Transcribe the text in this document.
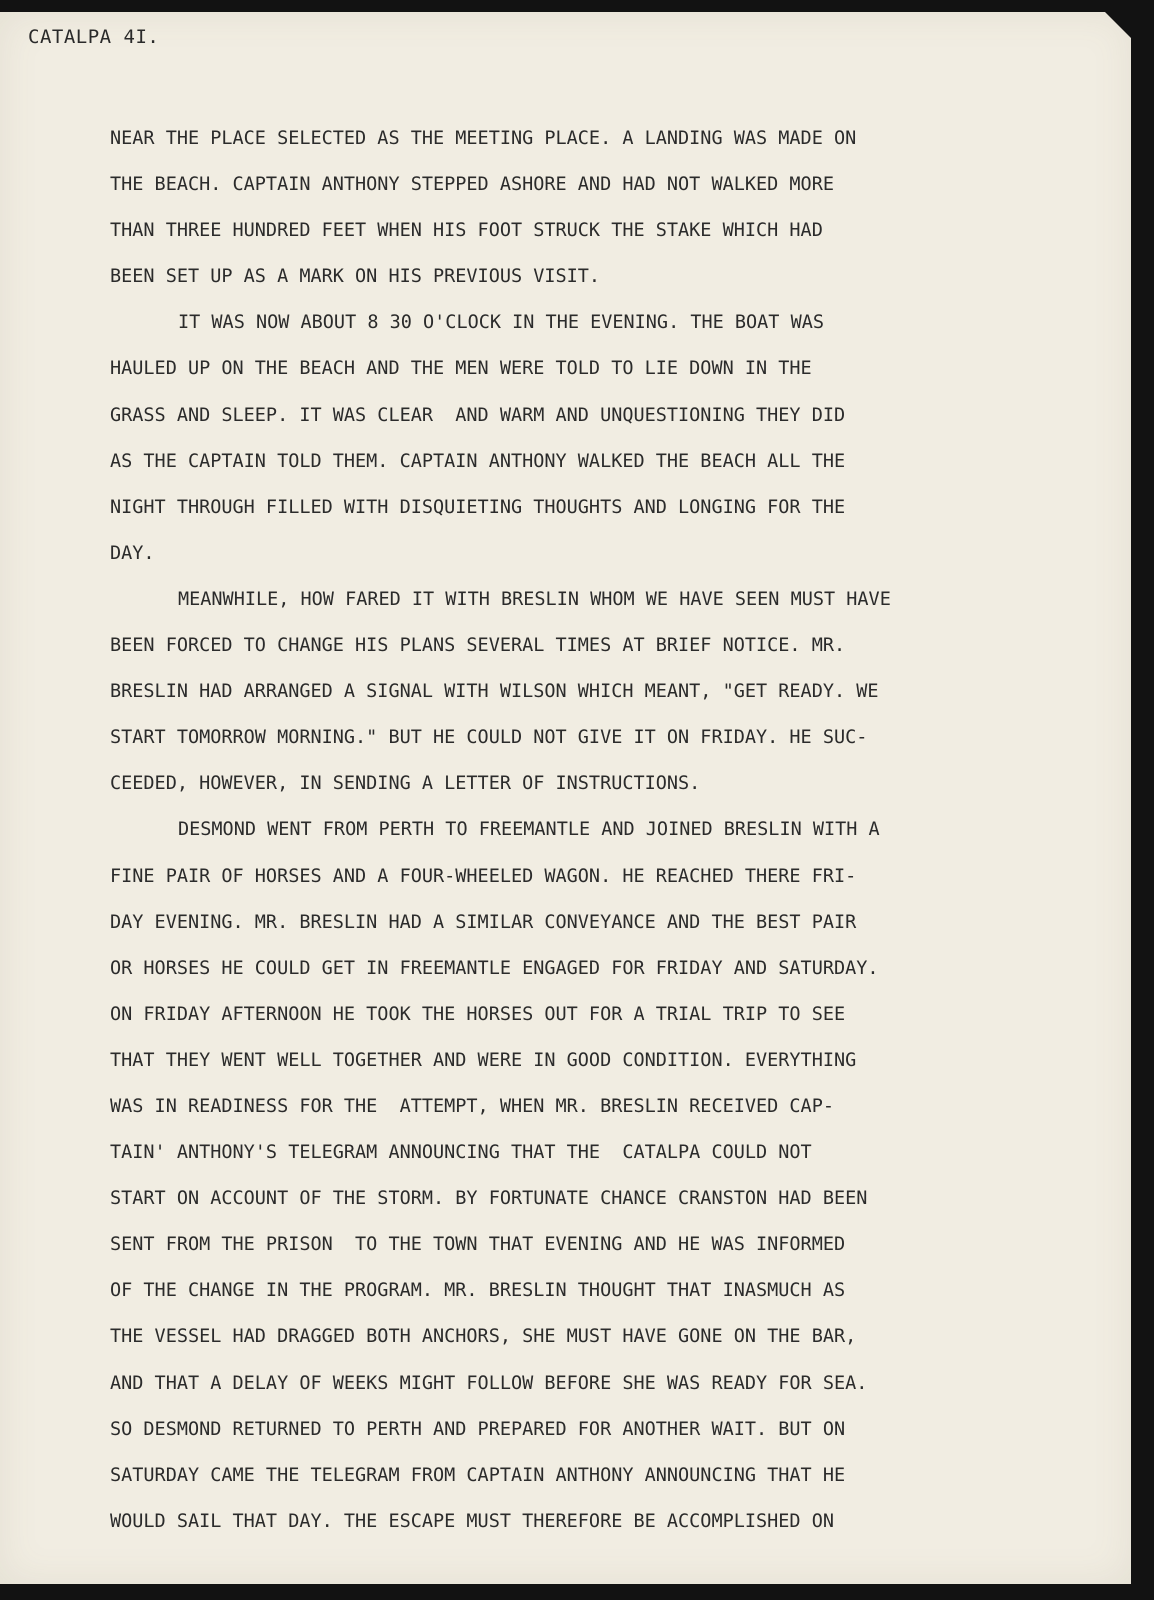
CATALPA 4I.
NEAR THE PLACE SELECTED AS THE MEETING PLACE. A LANDING WAS MADE ON
THE BEACH. CAPTAIN ANTHONY STEPPED ASHORE AND HAD NOT WALKED MORE
THAN THREE HUNDRED FEET WHEN HIS FOOT STRUCK THE STAKE WHICH HAD
BEEN SET UP AS A MARK ON HIS PREVIOUS VISIT.
IT WAS NOW ABOUT 8 30 O'CLOCK IN THE EVENING. THE BOAT WAS
HAULED UP ON THE BEACH AND THE MEN WERE TOLD TO LIE DOWN IN THE
GRASS AND SLEEP. IT WAS CLEAR  AND WARM AND UNQUESTIONING THEY DID
AS THE CAPTAIN TOLD THEM. CAPTAIN ANTHONY WALKED THE BEACH ALL THE
NIGHT THROUGH FILLED WITH DISQUIETING THOUGHTS AND LONGING FOR THE
DAY.
MEANWHILE, HOW FARED IT WITH BRESLIN WHOM WE HAVE SEEN MUST HAVE
BEEN FORCED TO CHANGE HIS PLANS SEVERAL TIMES AT BRIEF NOTICE. MR.
BRESLIN HAD ARRANGED A SIGNAL WITH WILSON WHICH MEANT, "GET READY. WE
START TOMORROW MORNING." BUT HE COULD NOT GIVE IT ON FRIDAY. HE SUC-
CEEDED, HOWEVER, IN SENDING A LETTER OF INSTRUCTIONS.
DESMOND WENT FROM PERTH TO FREEMANTLE AND JOINED BRESLIN WITH A
FINE PAIR OF HORSES AND A FOUR-WHEELED WAGON. HE REACHED THERE FRI-
DAY EVENING. MR. BRESLIN HAD A SIMILAR CONVEYANCE AND THE BEST PAIR
OR HORSES HE COULD GET IN FREEMANTLE ENGAGED FOR FRIDAY AND SATURDAY.
ON FRIDAY AFTERNOON HE TOOK THE HORSES OUT FOR A TRIAL TRIP TO SEE
THAT THEY WENT WELL TOGETHER AND WERE IN GOOD CONDITION. EVERYTHING
WAS IN READINESS FOR THE  ATTEMPT, WHEN MR. BRESLIN RECEIVED CAP-
TAIN' ANTHONY'S TELEGRAM ANNOUNCING THAT THE  CATALPA COULD NOT
START ON ACCOUNT OF THE STORM. BY FORTUNATE CHANCE CRANSTON HAD BEEN
SENT FROM THE PRISON  TO THE TOWN THAT EVENING AND HE WAS INFORMED
OF THE CHANGE IN THE PROGRAM. MR. BRESLIN THOUGHT THAT INASMUCH AS
THE VESSEL HAD DRAGGED BOTH ANCHORS, SHE MUST HAVE GONE ON THE BAR,
AND THAT A DELAY OF WEEKS MIGHT FOLLOW BEFORE SHE WAS READY FOR SEA.
SO DESMOND RETURNED TO PERTH AND PREPARED FOR ANOTHER WAIT. BUT ON
SATURDAY CAME THE TELEGRAM FROM CAPTAIN ANTHONY ANNOUNCING THAT HE
WOULD SAIL THAT DAY. THE ESCAPE MUST THEREFORE BE ACCOMPLISHED ON
